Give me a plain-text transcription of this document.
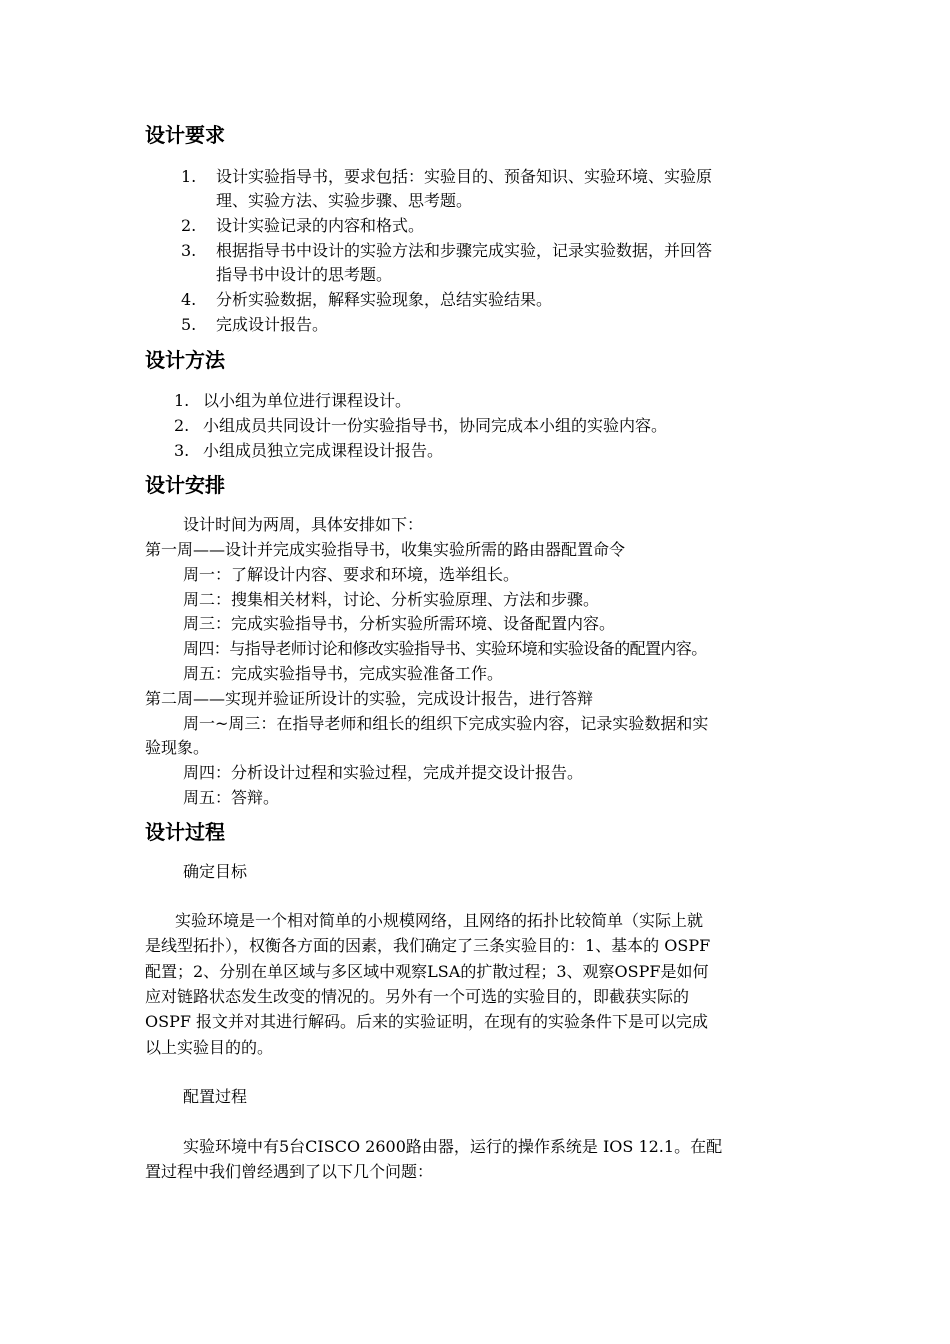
设计要求
1. 设计实验指导书，要求包括：实验目的、预备知识、实验环境、实验原
理、实验方法、实验步骤、思考题。
2. 设计实验记录的内容和格式。
3. 根据指导书中设计的实验方法和步骤完成实验，记录实验数据，并回答
指导书中设计的思考题。
4. 分析实验数据，解释实验现象，总结实验结果。
5. 完成设计报告。
设计方法
1. 以小组为单位进行课程设计。
2. 小组成员共同设计一份实验指导书，协同完成本小组的实验内容。
3. 小组成员独立完成课程设计报告。
设计安排
设计时间为两周，具体安排如下：
第一周——设计并完成实验指导书，收集实验所需的路由器配置命令
周一：了解设计内容、要求和环境，选举组长。
周二：搜集相关材料，讨论、分析实验原理、方法和步骤。
周三：完成实验指导书，分析实验所需环境、设备配置内容。
周四：与指导老师讨论和修改实验指导书、实验环境和实验设备的配置内容。
周五：完成实验指导书，完成实验准备工作。
第二周——实现并验证所设计的实验，完成设计报告，进行答辩
周一~周三：在指导老师和组长的组织下完成实验内容，记录实验数据和实
验现象。
周四：分析设计过程和实验过程，完成并提交设计报告。
周五：答辩。
设计过程
确定目标
实验环境是一个相对简单的小规模网络，且网络的拓扑比较简单（实际上就
是线型拓扑），权衡各方面的因素，我们确定了三条实验目的：1、基本的 OSPF
配置；2、分别在单区域与多区域中观察LSA的扩散过程；3、观察OSPF是如何
应对链路状态发生改变的情况的。另外有一个可选的实验目的，即截获实际的
OSPF 报文并对其进行解码。后来的实验证明，在现有的实验条件下是可以完成
以上实验目的的。
配置过程
实验环境中有5台CISCO 2600路由器，运行的操作系统是 IOS 12.1。在配
置过程中我们曾经遇到了以下几个问题：
